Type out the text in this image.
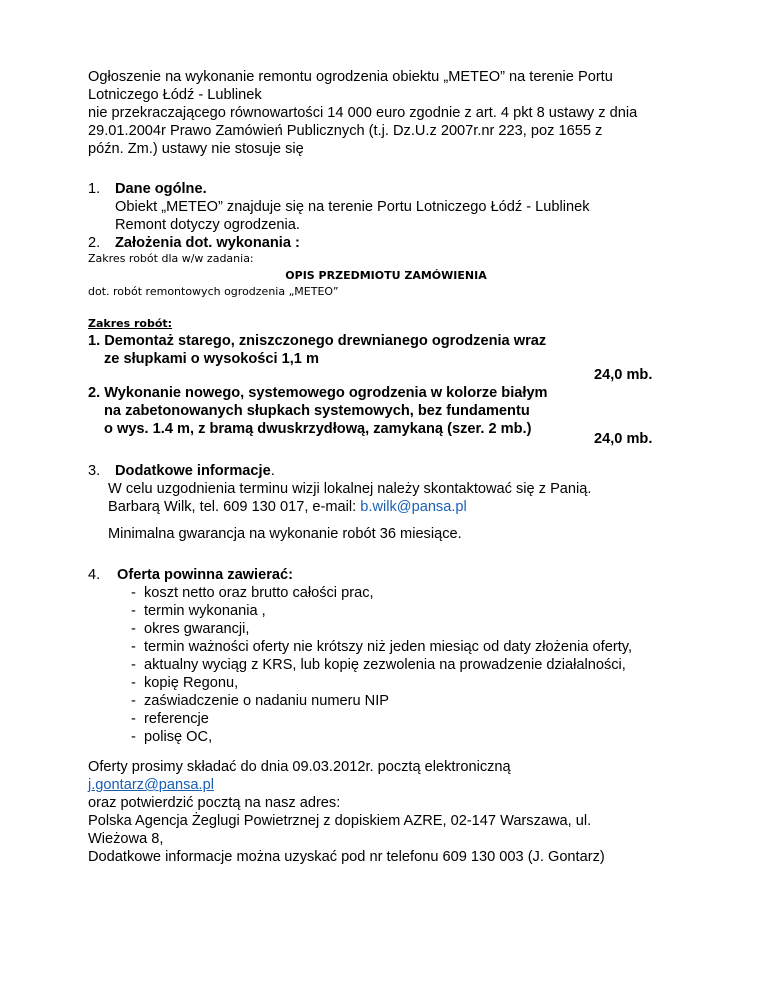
Ogłoszenie na wykonanie remontu ogrodzenia obiektu „METEO” na terenie Portu
Lotniczego Łódź - Lublinek
nie przekraczającego równowartości 14 000 euro zgodnie z art. 4 pkt 8 ustawy z dnia
29.01.2004r Prawo Zamówień Publicznych (t.j. Dz.U.z 2007r.nr 223, poz 1655 z
późn. Zm.) ustawy nie stosuje się
1. Dane ogólne.
Obiekt „METEO” znajduje się na terenie Portu Lotniczego Łódź - Lublinek
Remont dotyczy ogrodzenia.
2. Założenia dot. wykonania :
Zakres robót dla w/w zadania:
OPIS PRZEDMIOTU ZAMÓWIENIA
dot. robót remontowych ogrodzenia „METEO”
Zakres robót:
1. Demontaż starego, zniszczonego drewnianego ogrodzenia wraz
ze słupkami o wysokości 1,1 m
24,0 mb.
2. Wykonanie nowego, systemowego ogrodzenia w kolorze białym
na zabetonowanych słupkach systemowych, bez fundamentu
o wys. 1.4 m, z bramą dwuskrzydłową, zamykaną (szer. 2 mb.)
24,0 mb.
3. Dodatkowe informacje.
W celu uzgodnienia terminu wizji lokalnej należy skontaktować się z Panią.
Barbarą Wilk, tel. 609 130 017, e-mail: b.wilk@pansa.pl
Minimalna gwarancja na wykonanie robót 36 miesiące.
4. Oferta powinna zawierać:
- koszt netto oraz brutto całości prac,
- termin wykonania ,
- okres gwarancji,
- termin ważności oferty nie krótszy niż jeden miesiąc od daty złożenia oferty,
- aktualny wyciąg z KRS, lub kopię zezwolenia na prowadzenie działalności,
- kopię Regonu,
- zaświadczenie o nadaniu numeru NIP
- referencje
- polisę OC,
Oferty prosimy składać do dnia 09.03.2012r. pocztą elektroniczną
j.gontarz@pansa.pl
oraz potwierdzić pocztą na nasz adres:
Polska Agencja Żeglugi Powietrznej z dopiskiem AZRE, 02-147 Warszawa, ul.
Wieżowa 8,
Dodatkowe informacje można uzyskać pod nr telefonu 609 130 003 (J. Gontarz)
